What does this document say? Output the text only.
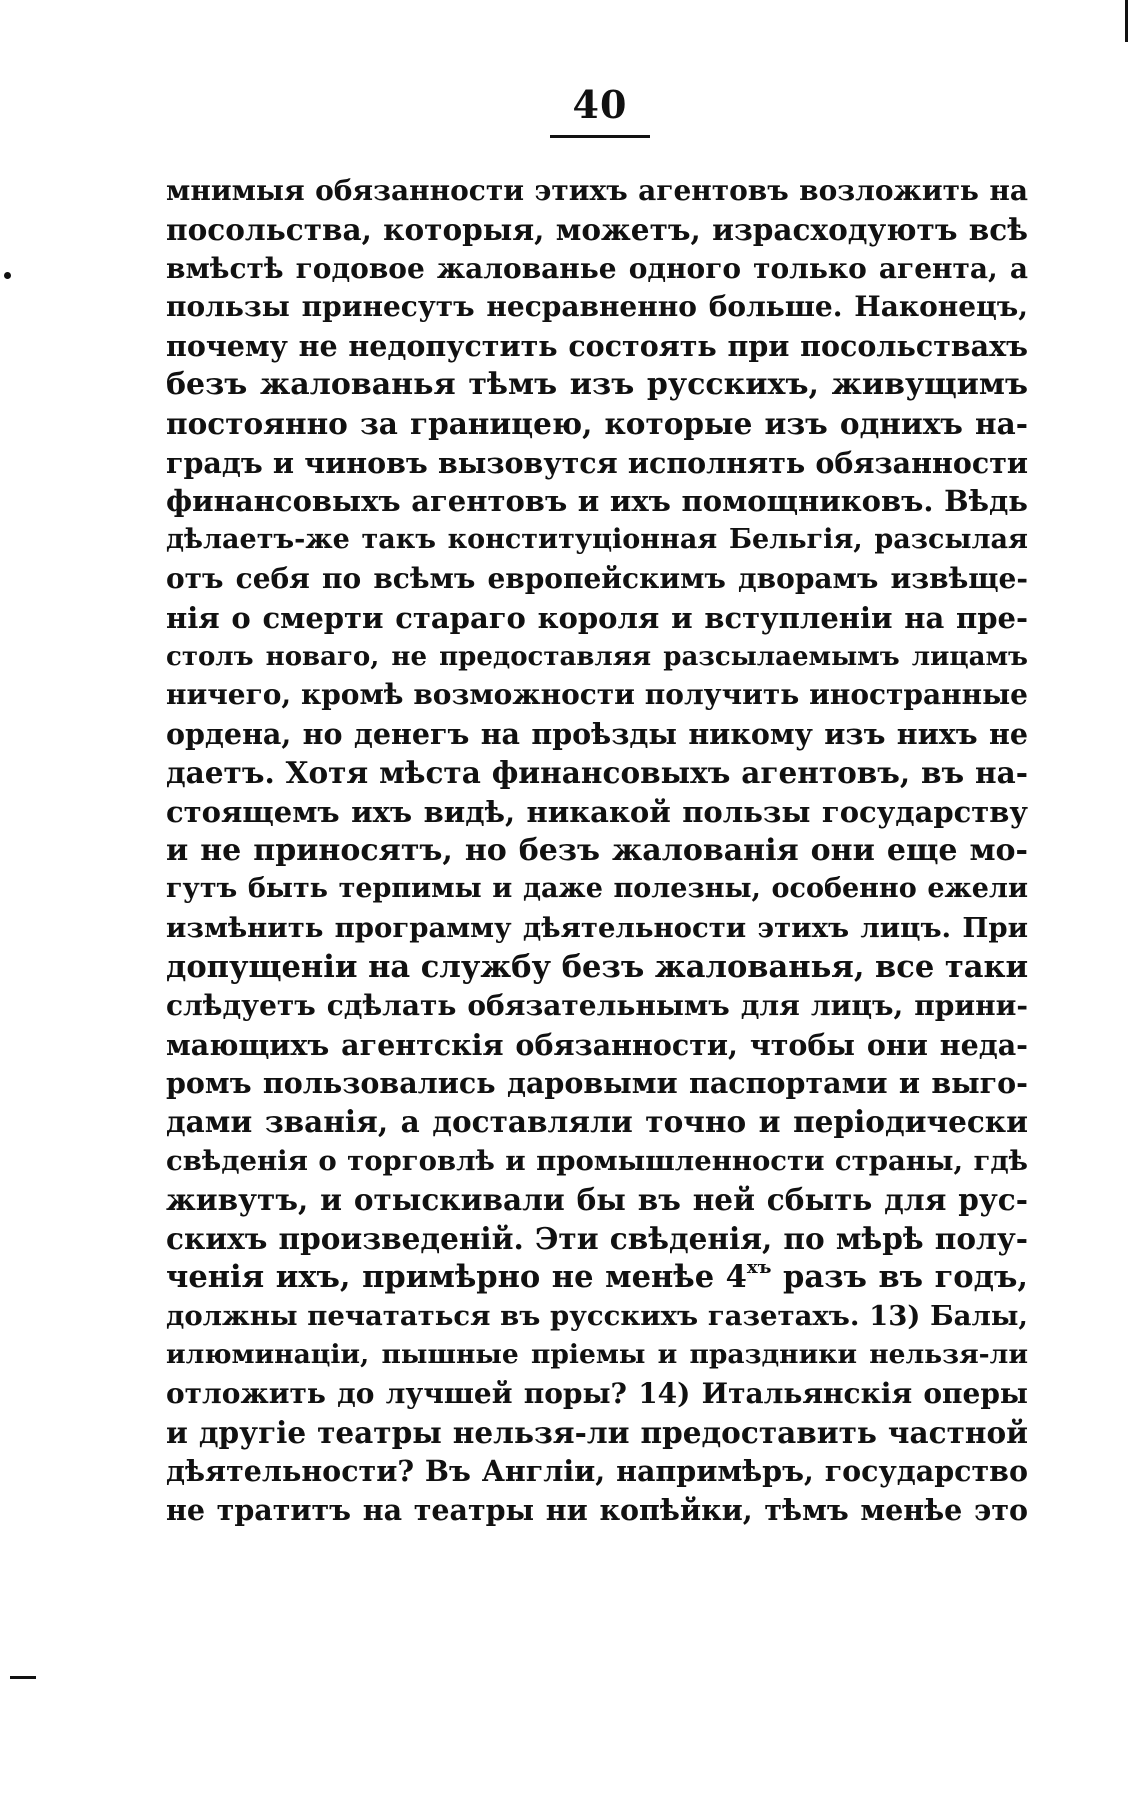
40
мнимыя обязанности этихъ агентовъ возложить на
посольства, которыя, можетъ, израсходуютъ всѣ
вмѣстѣ годовое жалованье одного только агента, а
пользы принесутъ несравненно больше. Наконецъ,
почему не недопустить состоять при посольствахъ
безъ жалованья тѣмъ изъ русскихъ, живущимъ
постоянно за границею, которые изъ однихъ на-
градъ и чиновъ вызовутся исполнять обязанности
финансовыхъ агентовъ и ихъ помощниковъ. Вѣдь
дѣлаетъ-же такъ конституціонная Бельгія, разсылая
отъ себя по всѣмъ европейскимъ дворамъ извѣще-
нія о смерти стараго короля и вступленіи на пре-
столъ новаго, не предоставляя разсылаемымъ лицамъ
ничего, кромѣ возможности получить иностранные
ордена, но денегъ на проѣзды никому изъ нихъ не
даетъ. Хотя мѣста финансовыхъ агентовъ, въ на-
стоящемъ ихъ видѣ, никакой пользы государству
и не приносятъ, но безъ жалованія они еще мо-
гутъ быть терпимы и даже полезны, особенно ежели
измѣнить программу дѣятельности этихъ лицъ. При
допущеніи на службу безъ жалованья, все таки
слѣдуетъ сдѣлать обязательнымъ для лицъ, прини-
мающихъ агентскія обязанности, чтобы они неда-
ромъ пользовались даровыми паспортами и выго-
дами званія, а доставляли точно и періодически
свѣденія о торговлѣ и промышленности страны, гдѣ
живутъ, и отыскивали бы въ ней сбыть для рус-
скихъ произведеній. Эти свѣденія, по мѣрѣ полу-
ченія ихъ, примѣрно не менѣе $4^{хъ}$ разъ въ годъ,
должны печататься въ русскихъ газетахъ. 13) Балы,
илюминаціи, пышные пріемы и праздники нельзя-ли
отложить до лучшей поры? 14) Итальянскія оперы
и другіе театры нельзя-ли предоставить частной
дѣятельности? Въ Англіи, напримѣръ, государство
не тратитъ на театры ни копѣйки, тѣмъ менѣе это
